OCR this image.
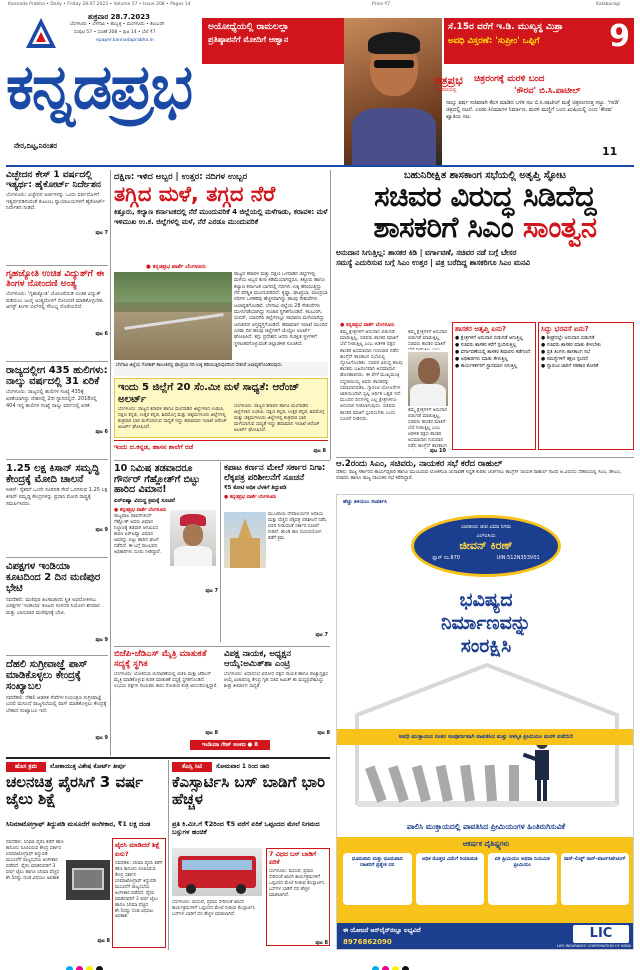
Kannada Prabha • Daily • Friday 28.07.2023 • Volume 57 • Issue 208 • Pages 14	Price ₹7	Kalaburagi
ಶುಕ್ರವಾರ 28.7.2023
ಬೆಂಗಳೂರು • ಬೆಳಗಾವಿ • ಹುಬ್ಬಳ್ಳಿ • ಮಂಗಳೂರು • ಕಲಬುರಗಿ
ಸಂಪುಟ 57 • ಸಂಚಿಕೆ 208 • ಪುಟ 14 • ಬೆಲೆ ₹7
epaper.kannadaprabha.in
ಅಯೋಧ್ಯೆಯಲ್ಲಿ ರಾಮಲಲ್ಲಾ
ಪ್ರತಿಷ್ಠಾಪನೆಗೆ ಮೋದಿಗೆ ಆಹ್ವಾನ
ಸೆ.15ರ ವರೆಗೆ ಇ.ಡಿ. ಮುಖ್ಯಸ್ಥ ಮಿಶ್ರಾ
ಅವಧಿ ವಿಸ್ತರಣೆ: 'ಸುಪ್ರೀಂ' ಒಪ್ಪಿಗೆ	9
ಕನ್ನಡಪ್ರಭ
ನೇರ,ದಿಟ್ಟ,ನಿರಂತರ
ಚಿತ್ರಪ್ರಭ
ಪುರವಣಿಯಲ್ಲಿ
ಚಿತ್ರರಂಗಕ್ಕೆ ಮರಳಿ ಬಂದ
'ಕೌರವ' ಬಿ.ಸಿ.ಪಾಟೀಲ್
ನಾಲ್ಕು ವರ್ಷ ಸಚಿವರಾಗಿ ಕೆಲಸ ಮಾಡಿದ ಬಳಿಕ ನಟ ಬಿ.ಸಿ.ಪಾಟೀಲ್ ಮತ್ತೆ ಚಿತ್ರರಂಗದತ್ತ ಸಜ್ಜು. 'ಗರಡಿ' ಚಿತ್ರದಲ್ಲಿ ನಟನೆ. ಎರಡು ಸಿನಿಮಾಗಳ ನಿರ್ಮಾಣ. ಮರಳಿ ಮಣ್ಣಿಗೆ ಬಂದ ಖುಷಿಯಲ್ಲಿ ಎಂದ 'ಕೌರವ' ಖ್ಯಾತಿಯ ನಟ.
11
ವಿಚ್ಛೇದನ ಕೇಸ್ 1 ವರ್ಷದಲ್ಲಿ ಇತ್ಯರ್ಥ: ಹೈಕೋರ್ಟ್ ನಿರ್ದೇಶನ
ಬೆಂಗಳೂರು: ವಿಚ್ಛೇದನ ಅರ್ಜಿಗಳನ್ನು ಒಂದು ವರ್ಷದೊಳಗೆ ಇತ್ಯರ್ಥಪಡಿಸುವಂತೆ ಕುಟುಂಬ ನ್ಯಾಯಾಲಯಗಳಿಗೆ ಹೈಕೋರ್ಟ್ ನಿರ್ದೇಶನ ನೀಡಿದೆ.
ಪುಟ 7
ಗೃಹಜ್ಯೋತಿ ಉಚಿತ ವಿದ್ಯುತ್‌ಗೆ ಈ ತಿಂಗಳ ನೋಂದಣಿ ಅಂತ್ಯ
ಬೆಂಗಳೂರು: 'ಗೃಹಜ್ಯೋತಿ' ಯೋಜನೆಯಡಿ ಉಚಿತ ವಿದ್ಯುತ್ ಪಡೆಯಲು ಜುಲೈ ಅಂತ್ಯದೊಳಗೆ ನೋಂದಣಿ ಮಾಡಿಕೊಳ್ಳಬೇಕು. ಆಗಸ್ಟ್ ತಿಂಗಳ ಬಿಲ್‌ನಲ್ಲಿ ಸೌಲಭ್ಯ ದೊರೆಯಲಿದೆ.
ಪುಟ 6
ರಾಜ್ಯದಲ್ಲೀಗ 435 ಹುಲಿಗಳು: ನಾಲ್ಕು ವರ್ಷದಲ್ಲಿ 31 ಏರಿಕೆ
ಬೆಂಗಳೂರು: ರಾಜ್ಯದಲ್ಲಿ ಹುಲಿಗಳ ಸಂಖ್ಯೆ 435ಕ್ಕೆ ಏರಿಕೆಯಾಗಿದ್ದು ದೇಶದಲ್ಲಿ 2ನೇ ಸ್ಥಾನದಲ್ಲಿದೆ. 2018ರಲ್ಲಿ 404 ಇದ್ದ ಹುಲಿಗಳ ಸಂಖ್ಯೆ ನಾಲ್ಕು ವರ್ಷದಲ್ಲಿ ಏರಿಕೆ.
ಪುಟ 6
1.25 ಲಕ್ಷ ಕಿಸಾನ್ ಸಮೃದ್ಧಿ ಕೇಂದ್ರಕ್ಕೆ ಮೋದಿ ಚಾಲನೆ
ಸೀಕರ್: ರೈತರಿಗೆ ಒಂದೇ ಸೂರಿನಡಿ ಸೇವೆ ಒದಗಿಸುವ 1.25 ಲಕ್ಷ ಕಿಸಾನ್ ಸಮೃದ್ಧಿ ಕೇಂದ್ರಗಳನ್ನು ಪ್ರಧಾನಿ ಮೋದಿ ರಾಷ್ಟ್ರಕ್ಕೆ ಸಮರ್ಪಿಸಿದರು.
ಪುಟ 9
ವಿಪಕ್ಷಗಳ ಇಂಡಿಯಾ ಕೂಟದಿಂದ 2 ದಿನ ಮಣಿಪುರ ಭೇಟಿ
ನವದೆಹಲಿ: ಮಣಿಪುರ ಹಿಂಸಾಚಾರದ ಸ್ಥಿತಿ ಅವಲೋಕಿಸಲು ವಿಪಕ್ಷಗಳ 'ಇಂಡಿಯಾ' ಕೂಟದ ಸಂಸದರ ನಿಯೋಗ ಶನಿವಾರ ಮತ್ತು ಭಾನುವಾರ ಮಣಿಪುರಕ್ಕೆ ಭೇಟಿ.
ಪುಟ 9
ದೆಹಲಿ ಸುಗ್ರೀವಾಜ್ಞೆ ಪಾಸ್ ಮಾಡಿಕೊಳ್ಳಲು ಕೇಂದ್ರಕ್ಕೆ ಸಂಖ್ಯಾಬಲ
ನವದೆಹಲಿ: ದೆಹಲಿ ಆಡಳಿತ ಸೇವೆಗಳ ನಿಯಂತ್ರಣ ಸುಗ್ರೀವಾಜ್ಞೆ ಬದಲಿ ಮಸೂದೆ ರಾಜ್ಯಸಭೆಯಲ್ಲಿ ಪಾಸ್ ಮಾಡಿಕೊಳ್ಳಲು ಕೇಂದ್ರಕ್ಕೆ ಬೇಕಾದ ಸಂಖ್ಯಾಬಲ ಇದೆ.
ಪುಟ 9
ದಕ್ಷಿಣ: ಇಳಿದ ಅಬ್ಬರ | ಉತ್ತರ: ನದಿಗಳ ಉಬ್ಬರ
ತಗ್ಗಿದ ಮಳೆ, ತಗ್ಗದ ನೆರೆ
ಕಿತ್ತೂರು, ಕಲ್ಯಾಣ ಕರ್ನಾಟಕದಲ್ಲಿ ನೆರೆ ಮುಂದುವರಿಕೆ 4 ಜಿಲ್ಲೆಯಲ್ಲಿ ಮಳೆಗಾಡು, ಕರಾವಳಿ: ಮಳೆ ಇಳಿಮುಖ ಉ.ಕ. ಜಿಲ್ಲೆಗಳಲ್ಲಿ ಮಳೆ, ನೆರೆ ಎರಡೂ ಮುಂದುವರಿಕೆ
● ಕನ್ನಡಪ್ರಭ ವಾರ್ತೆ ಬೆಂಗಳೂರು
ರಾಜ್ಯದ ಕರಾವಳಿ ಮತ್ತು ದಕ್ಷಿಣ ಒಳನಾಡಿನ ಜಿಲ್ಲೆಗಳಲ್ಲಿ ಮಳೆಯ ಅಬ್ಬರ ತುಸು ಕಡಿಮೆಯಾಗಿದ್ದರೂ, ಕಿತ್ತೂರು ಹಾಗೂ ಕಲ್ಯಾಣ ಕರ್ನಾಟಕ ಭಾಗದಲ್ಲಿ ನದಿಗಳು ಉಕ್ಕಿ ಹರಿಯುತ್ತಿದ್ದು ನೆರೆ ಪರಿಸ್ಥಿತಿ ಮುಂದುವರಿದಿದೆ. ಕೃಷ್ಣಾ, ಘಟಪ್ರಭಾ, ಮಲಪ್ರಭಾ ನದಿಗಳ ಒಳಹರಿವು ಹೆಚ್ಚಳವಾಗಿದ್ದು ಹಲವು ಸೇತುವೆಗಳು ಜಲಾವೃತಗೊಂಡಿವೆ. ಬೆಳಗಾವಿ ಜಿಲ್ಲೆಯ 28 ಸೇತುವೆಗಳು ಮುಳುಗಡೆಯಾಗಿದ್ದು ಸಂಚಾರ ಸ್ಥಗಿತಗೊಂಡಿದೆ. ಕಲಬುರಗಿ, ಬೀದರ್, ಯಾದಗಿರಿ ಜಿಲ್ಲೆಗಳಲ್ಲೂ ಸಾಧಾರಣ ಮಳೆಯಾಗಿದ್ದು ಜನಜೀವನ ಅಸ್ತವ್ಯಸ್ತಗೊಂಡಿದೆ. ಹವಾಮಾನ ಇಲಾಖೆ ಮುಂದಿನ ಎರಡು ದಿನ ಹಲವು ಜಿಲ್ಲೆಗಳಿಗೆ ಯೆಲ್ಲೋ ಅಲರ್ಟ್ ಘೋಷಿಸಿದೆ. ತಗ್ಗು ಪ್ರದೇಶದ ಜನರು ಸುರಕ್ಷಿತ ಸ್ಥಳಗಳಿಗೆ ಸ್ಥಳಾಂತರಗೊಳ್ಳುವಂತೆ ಜಿಲ್ಲಾಡಳಿತ ಸೂಚಿಸಿದೆ.
ಬೆಳಗಾವಿ ಜಿಲ್ಲೆಯ ಗೋಕಾಕ್ ತಾಲೂಕಿನಲ್ಲಿ ಘಟಪ್ರಭಾ ನದಿ ಉಕ್ಕಿ ಹರಿಯುತ್ತಿರುವುದರಿಂದ ಸೇತುವೆ ಜಲಾವೃತಗೊಂಡಿರುವುದು.
ಇಂದು 5 ಜಿಲ್ಲೆಗೆ 20 ಸೆಂ.ಮೀ ಮಳೆ ಸಾಧ್ಯತೆ: ಆರೆಂಜ್ ಅಲರ್ಟ್
ಬೆಂಗಳೂರು: ರಾಜ್ಯದ ಕರಾವಳಿ ಹಾಗೂ ಮಲೆನಾಡಿನ ಜಿಲ್ಲೆಗಳಾದ ಉಡುಪಿ, ದಕ್ಷಿಣ ಕನ್ನಡ, ಉತ್ತರ ಕನ್ನಡ, ಶಿವಮೊಗ್ಗ ಮತ್ತು ಚಿಕ್ಕಮಗಳೂರು ಜಿಲ್ಲೆಗಳಲ್ಲಿ ಶುಕ್ರವಾರ ಭಾರಿ ಮಳೆಯಾಗುವ ಸಾಧ್ಯತೆ ಇದ್ದು ಹವಾಮಾನ ಇಲಾಖೆ ಆರೆಂಜ್ ಅಲರ್ಟ್ ಘೋಷಿಸಿದೆ.
ಬೆಂಗಳೂರು: ರಾಜ್ಯದ ಕರಾವಳಿ ಹಾಗೂ ಮಲೆನಾಡಿನ ಜಿಲ್ಲೆಗಳಾದ ಉಡುಪಿ, ದಕ್ಷಿಣ ಕನ್ನಡ, ಉತ್ತರ ಕನ್ನಡ, ಶಿವಮೊಗ್ಗ ಮತ್ತು ಚಿಕ್ಕಮಗಳೂರು ಜಿಲ್ಲೆಗಳಲ್ಲಿ ಶುಕ್ರವಾರ ಭಾರಿ ಮಳೆಯಾಗುವ ಸಾಧ್ಯತೆ ಇದ್ದು ಹವಾಮಾನ ಇಲಾಖೆ ಆರೆಂಜ್ ಅಲರ್ಟ್ ಘೋಷಿಸಿದೆ.
ಇಂದು ದ.ಕನ್ನಡ, ಹಾಸನ ಶಾಲೆಗೆ ರಜೆ	ಪುಟ 8
ಬಹುನಿರೀಕ್ಷಿತ ಶಾಸಕಾಂಗ ಸಭೆಯಲ್ಲಿ ಅತೃಪ್ತಿ ಸ್ಫೋಟ
ಸಚಿವರ ವಿರುದ್ಧ ಸಿಡಿದೆದ್ದ
ಶಾಸಕರಿಗೆ ಸಿಎಂ ಸಾಂತ್ವನ
ಅನುದಾನ ಸಿಗುತ್ತಿಲ್ಲ: ಶಾಸಕರ ಕಿಡಿ | ವರ್ಗಾವಣೆ, ಸಚಿವರ ನಡೆ ಬಗ್ಗೆ ಬೇಸರ
ಸಮಸ್ಯೆ ಎದುರಿಸುವ ಬಗ್ಗೆ ಸಿಎಂ ಉತ್ತರ | ಪತ್ರ ಬರೆದಿದ್ದ ಶಾಸಕರಿಗೂ ಸಿಎಂ ಮನವಿ
● ಕನ್ನಡಪ್ರಭ ವಾರ್ತೆ ಬೆಂಗಳೂರು
ತಮ್ಮ ಕ್ಷೇತ್ರಗಳಿಗೆ ಅನುದಾನ ಬಿಡುಗಡೆ ಮಾಡುತ್ತಿಲ್ಲ, ಸಚಿವರು ಶಾಸಕರ ಮಾತಿಗೆ ಬೆಲೆ ನೀಡುತ್ತಿಲ್ಲ ಎಂಬ ಆಡಳಿತ ಪಕ್ಷದ ಶಾಸಕರ ಅಸಮಾಧಾನ ಗುರುವಾರ ನಡೆದ ಕಾಂಗ್ರೆಸ್ ಶಾಸಕಾಂಗ ಸಭೆಯಲ್ಲಿ ಸ್ಫೋಟಗೊಂಡಿತು. ಸಚಿವರ ವಿರುದ್ಧ ಹಲವು ಶಾಸಕರು ಬಹಿರಂಗವಾಗಿ ಅಸಮಾಧಾನ ಹೊರಹಾಕಿದರು. ಈ ವೇಳೆ ಮುಖ್ಯಮಂತ್ರಿ ಸಿದ್ದರಾಮಯ್ಯ ಅವರು ಶಾಸಕರನ್ನು ಸಮಾಧಾನಪಡಿಸಿ, ಗ್ಯಾರಂಟಿ ಯೋಜನೆಗಳ ಜಾರಿಯಿಂದಾಗಿ ಸ್ವಲ್ಪ ಆರ್ಥಿಕ ಒತ್ತಡ ಇದೆ. ಮುಂದಿನ ದಿನಗಳಲ್ಲಿ ಎಲ್ಲ ಕ್ಷೇತ್ರಗಳಿಗೂ ಅನುದಾನ ನೀಡಲಾಗುವುದು. ಸಚಿವರು ಶಾಸಕರ ಮಾತಿಗೆ ಸ್ಪಂದಿಸಬೇಕು ಎಂದು ಸೂಚನೆ ನೀಡಿದರು.
ತಮ್ಮ ಕ್ಷೇತ್ರಗಳಿಗೆ ಅನುದಾನ ಬಿಡುಗಡೆ ಮಾಡುತ್ತಿಲ್ಲ, ಸಚಿವರು ಶಾಸಕರ ಮಾತಿಗೆ
ತಮ್ಮ ಕ್ಷೇತ್ರಗಳಿಗೆ ಅನುದಾನ ಬಿಡುಗಡೆ ಮಾಡುತ್ತಿಲ್ಲ, ಸಚಿವರು ಶಾಸಕರ ಮಾತಿಗೆ ಬೆಲೆ ನೀಡುತ್ತಿಲ್ಲ ಎಂಬ ಆಡಳಿತ ಪಕ್ಷದ ಶಾಸಕರ ಅಸಮಾಧಾನ ಗುರುವಾರ ನಡೆದ ಕಾಂಗ್ರೆಸ್ ಶಾಸಕಾಂಗ
ಶಾಸಕರ ಅತೃಪ್ತಿ ಏನು?
● ಕ್ಷೇತ್ರಗಳಿಗೆ ಅನುದಾನ ಬಿಡುಗಡೆ ಆಗುತ್ತಿಲ್ಲ
● ಸಚಿವರು ಶಾಸಕರ ಕರೆಗೆ ಸ್ಪಂದಿಸುತ್ತಿಲ್ಲ
● ವರ್ಗಾವಣೆಯಲ್ಲಿ ಶಾಸಕರ ಶಿಫಾರಸು ಕಡೆಗಣನೆ
● ಅಧಿಕಾರಿಗಳು ಮಾತು ಕೇಳುತ್ತಿಲ್ಲ
● ಕಾರ್ಯಕರ್ತರಿಗೆ ಸ್ಥಾನಮಾನ ಸಿಗುತ್ತಿಲ್ಲ
ಸಿದ್ದು ಭರವಸೆ ಏನು?
● ಶೀಘ್ರದಲ್ಲೇ ಅನುದಾನ ಬಿಡುಗಡೆ
● ಸಚಿವರು ಶಾಸಕರ ಮಾತು ಕೇಳಬೇಕು
● ಪ್ರತಿ ತಿಂಗಳು ಶಾಸಕಾಂಗ ಸಭೆ
● ಸಮಸ್ಯೆಗಳಿಗೆ ತಕ್ಷಣ ಸ್ಪಂದನೆ
● ಗ್ಯಾರಂಟಿ ಜಾರಿಗೆ ಸಹಕಾರ ಕೋರಿಕೆ
ಪುಟ 10
ಆ.2ರಂದು ಸಿಎಂ, ಸಚಿವರು, ನಾಯಕರ ಸಭೆ ಕರೆದ ರಾಹುಲ್
ದೆಹಲಿ: ರಾಜ್ಯ ಸರ್ಕಾರದ ಕಾರ್ಯವೈಖರಿ ಹಾಗೂ ಮುಂಬರುವ ಲೋಕಸಭಾ ಚುನಾವಣೆ ಸಿದ್ಧತೆ ಕುರಿತು ಚರ್ಚಿಸಲು ಕಾಂಗ್ರೆಸ್ ನಾಯಕ ರಾಹುಲ್ ಗಾಂಧಿ ಆ.2ರಂದು ದೆಹಲಿಯಲ್ಲಿ ಸಿಎಂ, ಡಿಸಿಎಂ, ಸಚಿವರು ಹಾಗೂ ರಾಜ್ಯ ನಾಯಕರ ಸಭೆ ಕರೆದಿದ್ದಾರೆ.
10 ನಿಮಿಷ ತಡವಾದರೂ ಗೌರ್ನರ್ ಗೆಹ್ಲೋತ್‌ಗೆ ಬಿಟ್ಟು ಹಾರಿದ ವಿಮಾನ!
ಏರ್‌ಏಷ್ಯಾ ವಿರುದ್ಧ ಕ್ರಮಕ್ಕೆ ಸೂಚನೆ
● ಕನ್ನಡಪ್ರಭ ವಾರ್ತೆ ಬೆಂಗಳೂರು
ರಾಜ್ಯಪಾಲ ಥಾವರ್‌ಚಂದ್ ಗೆಹ್ಲೋತ್ ಅವರು ವಿಮಾನ ನಿಲ್ದಾಣಕ್ಕೆ ತಡವಾಗಿ ಆಗಮಿಸಿದ ಕಾರಣ ಏರ್‌ಏಷ್ಯಾ ವಿಮಾನ ಅವರನ್ನು ಬಿಟ್ಟು ಹಾರಿದ ಘಟನೆ ನಡೆದಿದೆ. ಈ ಬಗ್ಗೆ ರಾಜಭವನ ಅಧಿಕಾರಿಗಳು ದೂರು ನೀಡಿದ್ದಾರೆ.
ಪುಟ 7
ಕಪಾಟ ಕರ್ಣನ ಮೇಲೆ ಸರ್ಕಾರ ನಿಗಾ: ಲೆಕ್ಕಪತ್ರ ಪರಿಶೀಲನೆಗೆ ಸೂಚನೆ
₹5 ಕೋಟಿ ಅಧಿಕ ಬೆಳಕಿಗೆ ತಿದ್ದುಪಡಿ
● ಕನ್ನಡಪ್ರಭ ವಾರ್ತೆ ಬೆಂಗಳೂರು
ಮುಜರಾಯಿ ದೇವಾಲಯಗಳ ಆದಾಯ ಮತ್ತು ವೆಚ್ಚದ ಲೆಕ್ಕಪತ್ರ ಪರಿಶೀಲನೆ ನಡೆಸಿ ವರದಿ ನೀಡುವಂತೆ ಸರ್ಕಾರ ಸೂಚನೆ ನೀಡಿದೆ. ಹುಂಡಿ ಹಣ ದುರುಪಯೋಗ ತಡೆಗೆ ಕ್ರಮ.
ಪುಟ 7
ಬಿಜೆಪಿ-ಜೆಡಿಎಸ್ ಮೈತ್ರಿ ಮಾತುಕತೆ ಸದ್ಯಕ್ಕೆ ಸ್ಥಗಿತ
ಬೆಂಗಳೂರು: ಲೋಕಸಭಾ ಚುನಾವಣೆಯಲ್ಲಿ ಬಿಜೆಪಿ ಮತ್ತು ಜೆಡಿಎಸ್ ಮೈತ್ರಿ ಮಾಡಿಕೊಳ್ಳುವ ಕುರಿತ ಮಾತುಕತೆ ಸದ್ಯಕ್ಕೆ ಸ್ಥಗಿತಗೊಂಡಿದೆ. ಉಭಯ ಪಕ್ಷಗಳ ನಾಯಕರು ಕಾದು ನೋಡುವ ತಂತ್ರ ಅನುಸರಿಸುತ್ತಿದ್ದಾರೆ.
ಪುಟ 8
ವಿಪಕ್ಷ ನಾಯಕ, ಅಧ್ಯಕ್ಷನ ಆಯ್ಕೆ:ಅಮಿತ್‌ಶಾ ಎಂಟ್ರಿ
ಬೆಂಗಳೂರು: ವಿಧಾನಸಭೆ ವಿರೋಧ ಪಕ್ಷದ ನಾಯಕ ಹಾಗೂ ರಾಜ್ಯಾಧ್ಯಕ್ಷರ ಆಯ್ಕೆ ವಿಚಾರದಲ್ಲಿ ಕೇಂದ್ರ ಗೃಹ ಸಚಿವ ಅಮಿತ್ ಶಾ ಮಧ್ಯಪ್ರವೇಶಿಸಿದ್ದು ಶೀಘ್ರ ತೀರ್ಮಾನ ಸಾಧ್ಯತೆ.
ಪುಟ 8
ಇಂಡಿಯಾ ಗೇಟ್ ಅಂಕಣ ● 8
ಹೊಸ ಕ್ರಮ	ಲೋಕಾಯುಕ್ತ ವಿಶೇಷ ಕೋರ್ಟ್ ತೀರ್ಪು
ಚಲನಚಿತ್ರ ಪೈರಸಿಗೆ 3 ವರ್ಷ ಜೈಲು ಶಿಕ್ಷೆ
ಸಿನಿಮಾಟೋಗ್ರಾಫ್ ತಿದ್ದುಪಡಿ ಮಸೂದೆಗೆ ಅಂಗೀಕಾರ, ₹1 ಲಕ್ಷ ದಂಡ
ನವದೆಹಲಿ: ಸಿನಿಮಾ ಪೈರಸಿ ತಡೆಗೆ ಕಠಿಣ ಕಾನೂನು ರೂಪಿಸಿರುವ ಕೇಂದ್ರ ಸರ್ಕಾರ ಸಿನಿಮಾಟೋಗ್ರಾಫ್ ತಿದ್ದುಪಡಿ ಮಸೂದೆಗೆ ರಾಜ್ಯಸಭೆಯ ಅಂಗೀಕಾರ ಪಡೆದಿದೆ. ಪೈರಸಿ ಮಾಡಿದವರಿಗೆ 3 ವರ್ಷ ಜೈಲು ಹಾಗೂ ಸಿನಿಮಾ ವೆಚ್ಚದ ಶೇ.5ರಷ್ಟು ದಂಡ ವಿಧಿಸಲು ಅವಕಾಶ.
ಪೈರಸಿ ಮಾಡಿದರೆ ಶಿಕ್ಷೆ ಏನು?
ನವದೆಹಲಿ: ಸಿನಿಮಾ ಪೈರಸಿ ತಡೆಗೆ ಕಠಿಣ ಕಾನೂನು ರೂಪಿಸಿರುವ ಕೇಂದ್ರ ಸರ್ಕಾರ ಸಿನಿಮಾಟೋಗ್ರಾಫ್ ತಿದ್ದುಪಡಿ ಮಸೂದೆಗೆ ರಾಜ್ಯಸಭೆಯ ಅಂಗೀಕಾರ ಪಡೆದಿದೆ. ಪೈರಸಿ ಮಾಡಿದವರಿಗೆ 3 ವರ್ಷ ಜೈಲು ಹಾಗೂ ಸಿನಿಮಾ ವೆಚ್ಚದ ಶೇ.5ರಷ್ಟು ದಂಡ ವಿಧಿಸಲು ಅವಕಾಶ.
ಪುಟ 8
ಕೆಎಸ್ಸಿ ಸಿಟಿ	ಸೋಮವಾರ 1 ರಿಂದ ಜಾರಿ
ಕೆಎಸ್ಸಾರ್ಟಿಸಿ ಬಸ್ ಬಾಡಿಗೆ ಭಾರಿ ಹೆಚ್ಚಳ
ಪ್ರತಿ ಕಿ.ಮೀ.ಗೆ ₹2ರಿಂದ ₹5 ವರೆಗೆ ಏರಿಕೆ ಒಪ್ಪಂದದ ಮೇಲೆ ನಿಗಮದ ಬಸ್ಸುಗಳ ಹಂಚಿಕೆ
ಬೆಂಗಳೂರು: ಮದುವೆ, ಪ್ರವಾಸ ಸೇರಿದಂತೆ ಖಾಸಗಿ ಕಾರ್ಯಕ್ರಮಗಳಿಗೆ ಒಪ್ಪಂದದ ಮೇಲೆ ನೀಡುವ ಕೆಎಸ್ಸಾರ್ಟಿಸಿ ಬಸ್‌ಗಳ ಬಾಡಿಗೆ ದರ ಹೆಚ್ಚಳ ಮಾಡಲಾಗಿದೆ.
7 ವಿಧದ ಬಸ್ ಬಾಡಿಗೆ ಏರಿಕೆ
ಬೆಂಗಳೂರು: ಮದುವೆ, ಪ್ರವಾಸ ಸೇರಿದಂತೆ ಖಾಸಗಿ ಕಾರ್ಯಕ್ರಮಗಳಿಗೆ ಒಪ್ಪಂದದ ಮೇಲೆ ನೀಡುವ ಕೆಎಸ್ಸಾರ್ಟಿಸಿ ಬಸ್‌ಗಳ ಬಾಡಿಗೆ ದರ ಹೆಚ್ಚಳ ಮಾಡಲಾಗಿದೆ.
ಪುಟ 8
ಹೆಚ್ಚು ತಿಳಿಯಲು ಸಂಪರ್ಕಿಸಿ
ಭಾರತೀಯ ಜೀವ ವಿಮಾ ನಿಗಮ
ಎಲ್‌ಐಸಿಯ
ಜೀವನ್ ಕಿರಣ್
ಪ್ಲಾನ್ ನಂ.870	UIN:512N353V01
ಭವಿಷ್ಯದ
ನಿರ್ಮಾಣವನ್ನು
ಸಂರಕ್ಷಿಸಿ
ಅವಧಿ ಮುಕ್ತಾಯದ ನಂತರ ಸಂಪೂರ್ಣವಾಗಿ ಪಾವತಿಸಿದ ಮತ್ತು ಆಕಸ್ಮಿಕ ಪ್ರೀಮಿಯಂ ಮರಳಿ ಪಡೆಯಿರಿ
ಪಾಲಿಸಿ ಮುಕ್ತಾಯದಲ್ಲಿ ಪಾವತಿಸಿದ ಪ್ರೀಮಿಯಂಗಳ ಹಿಂತಿರುಗಿಸುವಿಕೆ
ಆಕರ್ಷಕ ವೈಶಿಷ್ಟ್ಯಗಳು
ಧೂಮಪಾನಿ ಮತ್ತು ಧೂಮಪಾನ ರಹಿತರಿಗೆ ಪ್ರತ್ಯೇಕ ದರ
ಅಧಿಕ ಮೊತ್ತದ ವಿಮೆಗೆ ರಿಯಾಯಿತಿ	ಏಕ ಪ್ರೀಮಿಯಂ ಅಥವಾ ನಿಯಮಿತ ಪ್ರೀಮಿಯಂ
ನಾನ್-ಲಿಂಕ್ಡ್ ನಾನ್-ಪಾರ್ಟಿಸಿಪೇಟಿಂಗ್
ಈ ಯೋಜನೆ ಆನ್‌ಲೈನ್‌ನಲ್ಲೂ ಲಭ್ಯವಿದೆ
8976862090
LIC
LIFE INSURANCE CORPORATION OF INDIA
